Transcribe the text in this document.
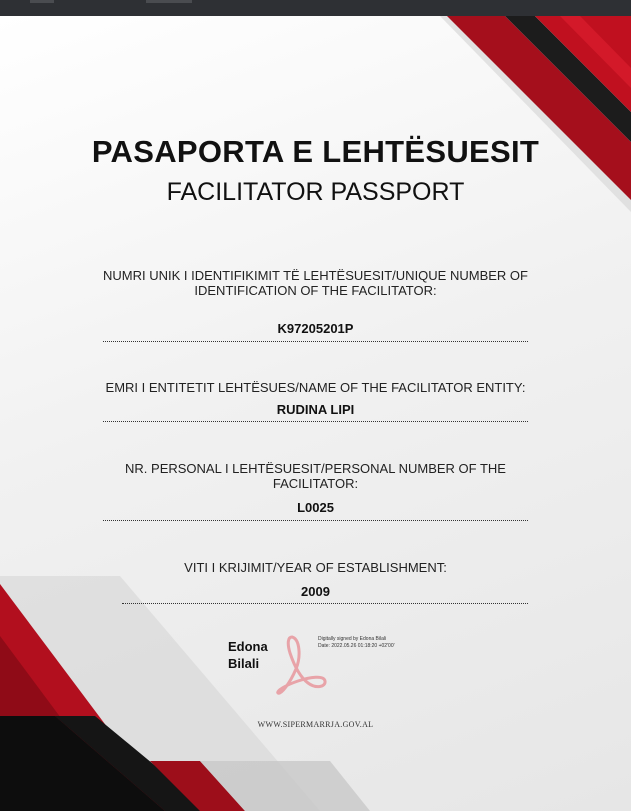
PASAPORTA E LEHTËSUESIT
FACILITATOR PASSPORT
NUMRI UNIK I IDENTIFIKIMIT TË LEHTËSUESIT/UNIQUE NUMBER OF
IDENTIFICATION OF THE FACILITATOR:
K97205201P
EMRI I ENTITETIT LEHTËSUES/NAME OF THE FACILITATOR ENTITY:
RUDINA LIPI
NR. PERSONAL I LEHTËSUESIT/PERSONAL NUMBER OF THE
FACILITATOR:
L0025
VITI I KRIJIMIT/YEAR OF ESTABLISHMENT:
2009
Edona
Bilali
Digitally signed by Edona Bilali
Date: 2022.05.26 01:18:20 +02'00'
WWW.SIPERMARRJA.GOV.AL
